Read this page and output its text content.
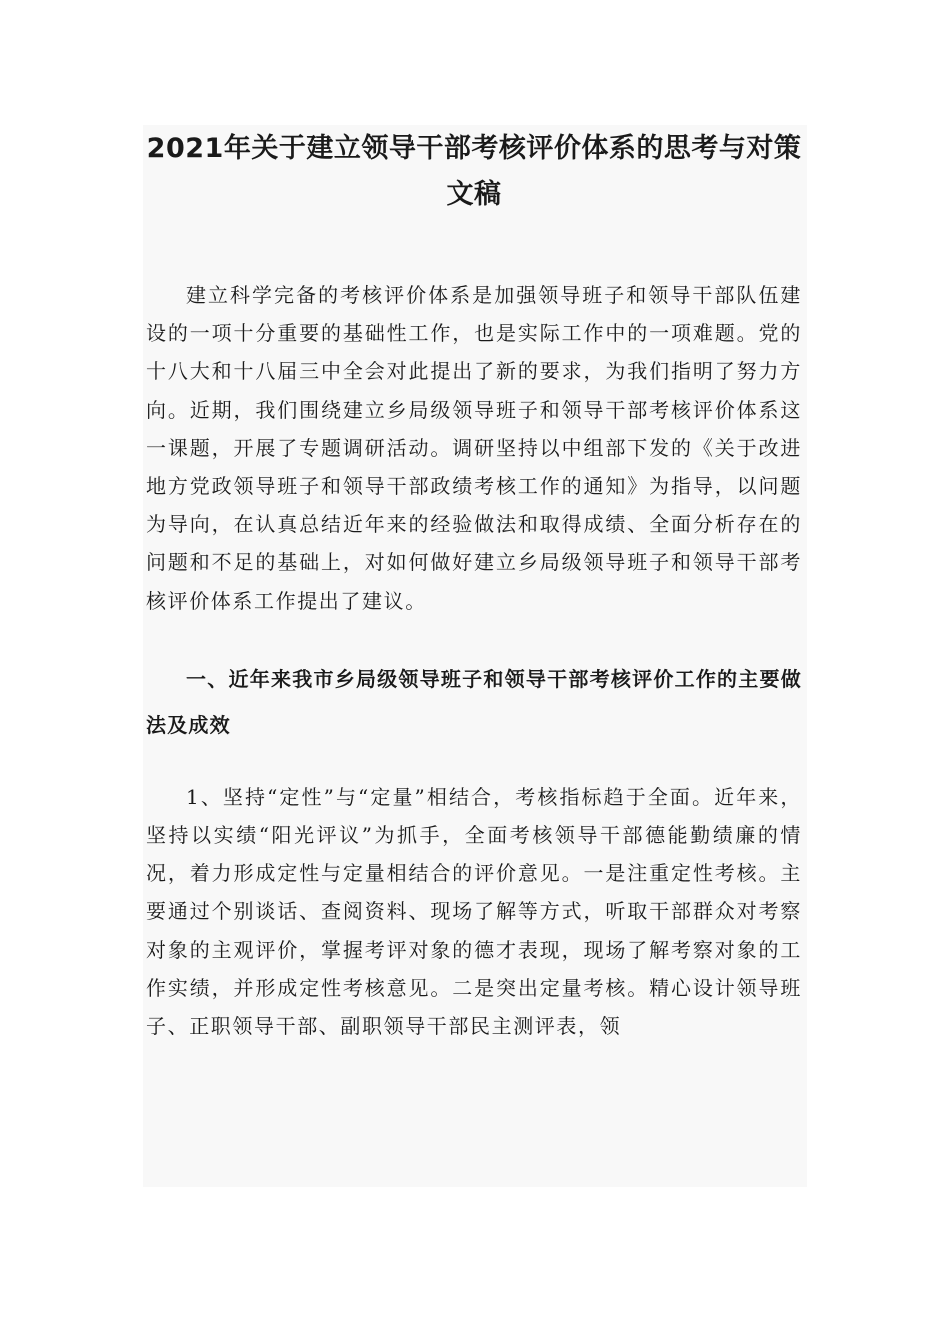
2021年关于建立领导干部考核评价体系的思考与对策文稿

建立科学完备的考核评价体系是加强领导班子和领导干部队伍建设的一项十分重要的基础性工作，也是实际工作中的一项难题。党的十八大和十八届三中全会对此提出了新的要求，为我们指明了努力方向。近期，我们围绕建立乡局级领导班子和领导干部考核评价体系这一课题，开展了专题调研活动。调研坚持以中组部下发的《关于改进地方党政领导班子和领导干部政绩考核工作的通知》为指导，以问题为导向，在认真总结近年来的经验做法和取得成绩、全面分析存在的问题和不足的基础上，对如何做好建立乡局级领导班子和领导干部考核评价体系工作提出了建议。

一、近年来我市乡局级领导班子和领导干部考核评价工作的主要做法及成效

1、坚持“定性”与“定量”相结合，考核指标趋于全面。近年来，坚持以实绩“阳光评议”为抓手，全面考核领导干部德能勤绩廉的情况，着力形成定性与定量相结合的评价意见。一是注重定性考核。主要通过个别谈话、查阅资料、现场了解等方式，听取干部群众对考察对象的主观评价，掌握考评对象的德才表现，现场了解考察对象的工作实绩，并形成定性考核意见。二是突出定量考核。精心设计领导班子、正职领导干部、副职领导干部民主测评表，领
